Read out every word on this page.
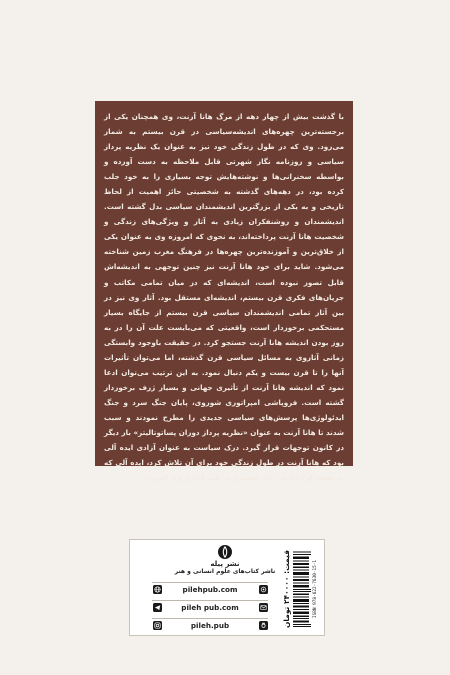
با گذشت بیش از چهار دهه از مرگ هانا آرنت، وی همچنان یکی از برجسته‌ترین چهره‌های اندیشه‌سیاسی در قرن بیستم به شمار می‌رود. وی که در طول زندگی خود نیز به عنوان یک نظریه پرداز سیاسی و روزنامه نگار شهرتی قابل ملاحظه به دست آورده و بواسطه سخنرانی‌ها و نوشته‌هایش توجه بسیاری را به خود جلب کرده بود، در دهه‌های گذشته به شخصیتی حائز اهمیت از لحاظ تاریخی و به یکی از بزرگترین اندیشمندان سیاسی بدل گشته است. اندیشمندان و روشنفکران زیادی به آثار و ویژگی‌های زندگی و شخصیت هانا آرنت پرداخته‌اند، به نحوی که امروزه وی به عنوان یکی از خلاق‌ترین و آموزنده‌ترین چهره‌ها در فرهنگ مغرب زمین شناخته می‌شود. شاید برای خود هانا آرنت نیز چنین توجهی به اندیشه‌اش قابل تصور نبوده است، اندیشه‌ای که در میان تمامی مکاتب و جریان‌های فکری قرن بیستم، اندیشه‌ای مستقل بود. آثار وی نیز در بین آثار تمامی اندیشمندان سیاسی قرن بیستم از جایگاه بسیار مستحکمی برخوردار است، واقعیتی که می‌بایست علت آن را در به روز بودن اندیشه هانا آرنت جستجو کرد. در حقیقت باوجود وابستگی زمانی آثاروی به مسائل سیاسی قرن گذشته، اما می‌توان تأثیرات آنها را تا قرن بیست و یکم دنبال نمود. به این ترتیب می‌توان ادعا نمود که اندیشه هانا آرنت از تأثیری جهانی و بسیار ژرف برخوردار گشته است. فروپاشی امپراتوری شوروی، پایان جنگ سرد و جنگ ایدئولوژی‌ها پرسش‌های سیاسی جدیدی را مطرح نمودند و سبب شدند تا هانا آرنت به عنوان «نظریه پرداز دوران پساتوتالیتر» بار دیگر در کانون توجهات قرار گیرد. درک سیاست به عنوان آزادی ایده آلی بود که هانا آرنت در طول زندگی خود برای آن تلاش کرد، ایده آلی که به نقطه اوج آثارش بدل گشت و بر تأثیرگذاری وی افزود.

نشر پیله
ناشر کتاب‌های علوم انسانی و هنر
pilehpub.com
pileh pub.com
pileh.pub	قیمت: ۲۴۰۰۰۰ تومان	ISBN 978-622-7630-15-1
